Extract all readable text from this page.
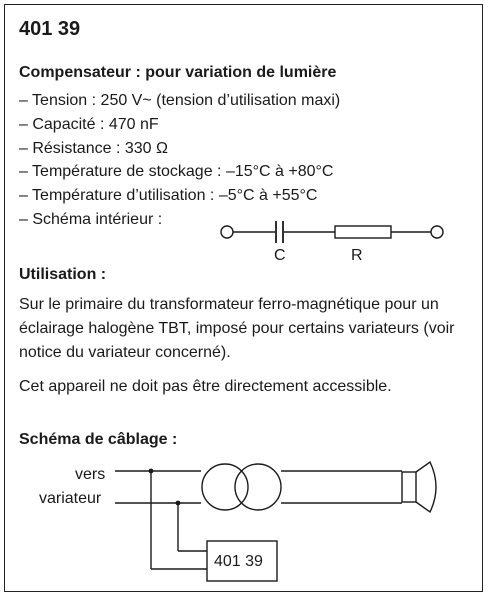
401 39
Compensateur : pour variation de lumière
– Tension : 250 V~ (tension d’utilisation maxi)
– Capacité : 470 nF
– Résistance : 330 Ω
– Température de stockage : –15°C à +80°C
– Température d’utilisation : –5°C à +55°C
– Schéma intérieur :
C	R
Utilisation :
Sur le primaire du transformateur ferro-magnétique pour un éclairage halogène TBT, imposé pour certains variateurs (voir notice du variateur concerné).
Cet appareil ne doit pas être directement accessible.
Schéma de câblage :
vers
variateur
401 39
